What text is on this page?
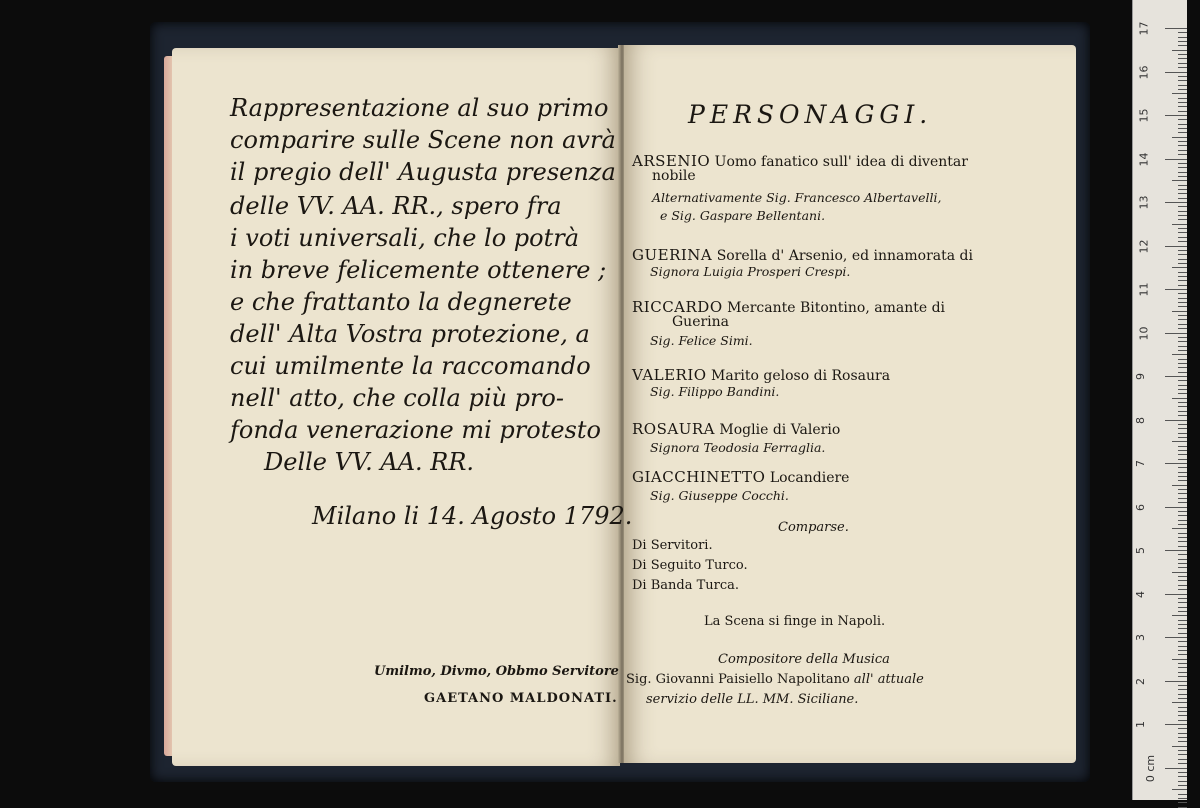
Rappresentazione al suo primo
comparire sulle Scene non avrà
il pregio dell' Augusta presenza
delle VV. AA. RR., spero fra
i voti universali, che lo potrà
in breve felicemente ottenere ;
e che frattanto la degnerete
dell' Alta Vostra protezione, a
cui umilmente la raccomando
nell' atto, che colla più pro-
fonda venerazione mi protesto
Delle VV. AA. RR.
Milano li 14. Agosto 1792.
Umilmo, Divmo, Obbmo Servitore
GAETANO MALDONATI.
PERSONAGGI.
ARSENIO Uomo fanatico sull' idea di diventar
nobile
Alternativamente Sig. Francesco Albertavelli,
e Sig. Gaspare Bellentani.
GUERINA Sorella d' Arsenio, ed innamorata di
Signora Luigia Prosperi Crespi.
RICCARDO Mercante Bitontino, amante di
Guerina
Sig. Felice Simi.
VALERIO Marito geloso di Rosaura
Sig. Filippo Bandini.
ROSAURA Moglie di Valerio
Signora Teodosia Ferraglia.
GIACCHINETTO Locandiere
Sig. Giuseppe Cocchi.
Comparse.
Di Servitori.
Di Seguito Turco.
Di Banda Turca.
La Scena si finge in Napoli.
Compositore della Musica
Sig. Giovanni Paisiello Napolitano all' attuale
servizio delle LL. MM. Siciliane.
17
16
15
14
13
12
11
10
9
8
7
6
5
4
3
2
1
0 cm
